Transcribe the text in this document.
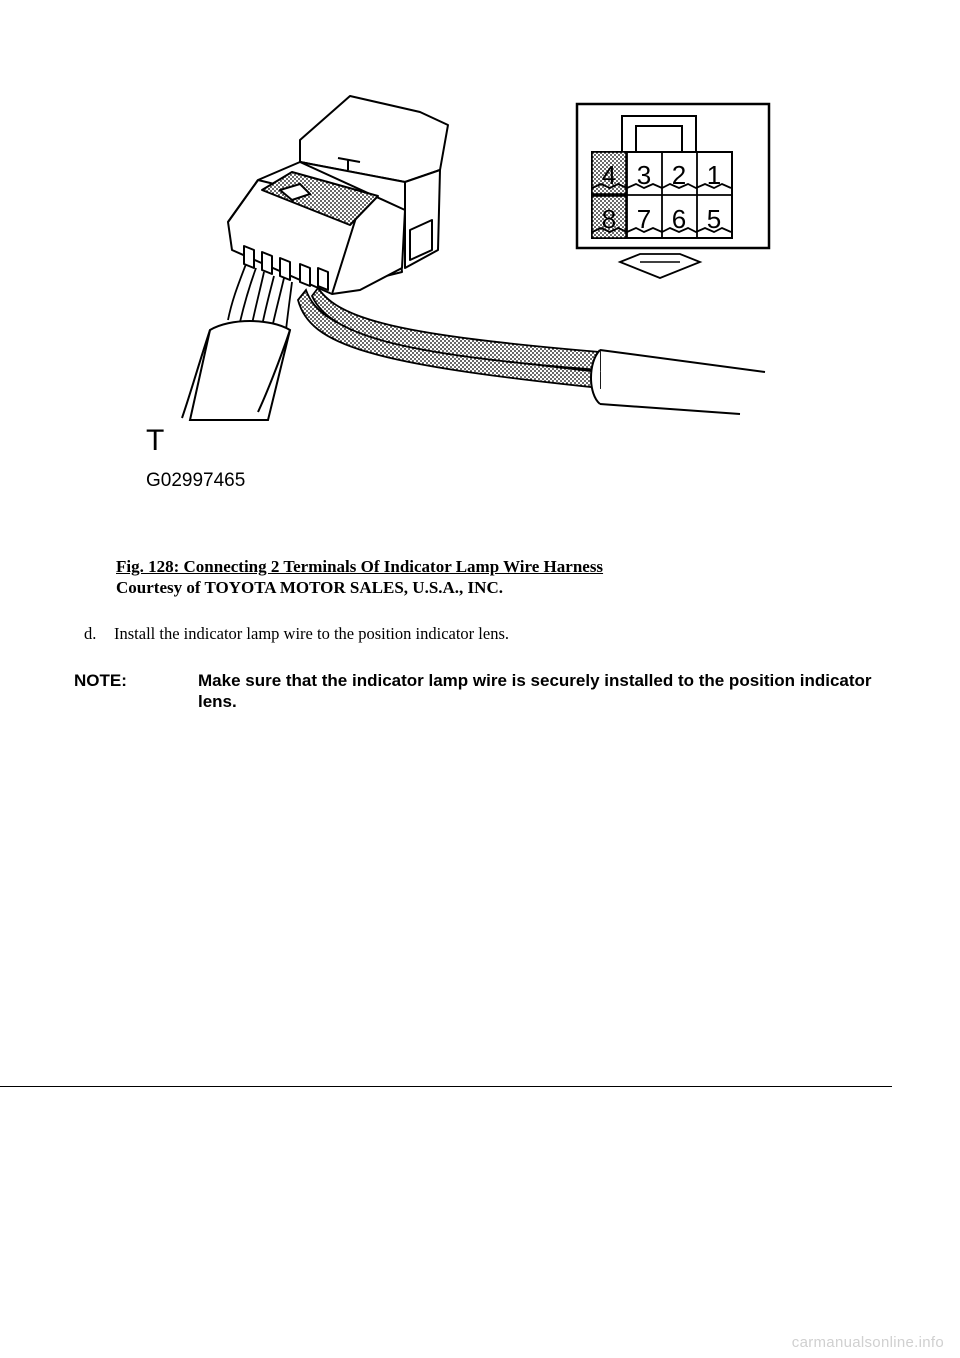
4 3 2 1
8 7 6 5
T
G02997465
Fig. 128: Connecting 2 Terminals Of Indicator Lamp Wire Harness
Courtesy of TOYOTA MOTOR SALES, U.S.A., INC.
d. Install the indicator lamp wire to the position indicator lens.
NOTE:	Make sure that the indicator lamp wire is securely installed to the position indicator lens.
carmanualsonline.info
